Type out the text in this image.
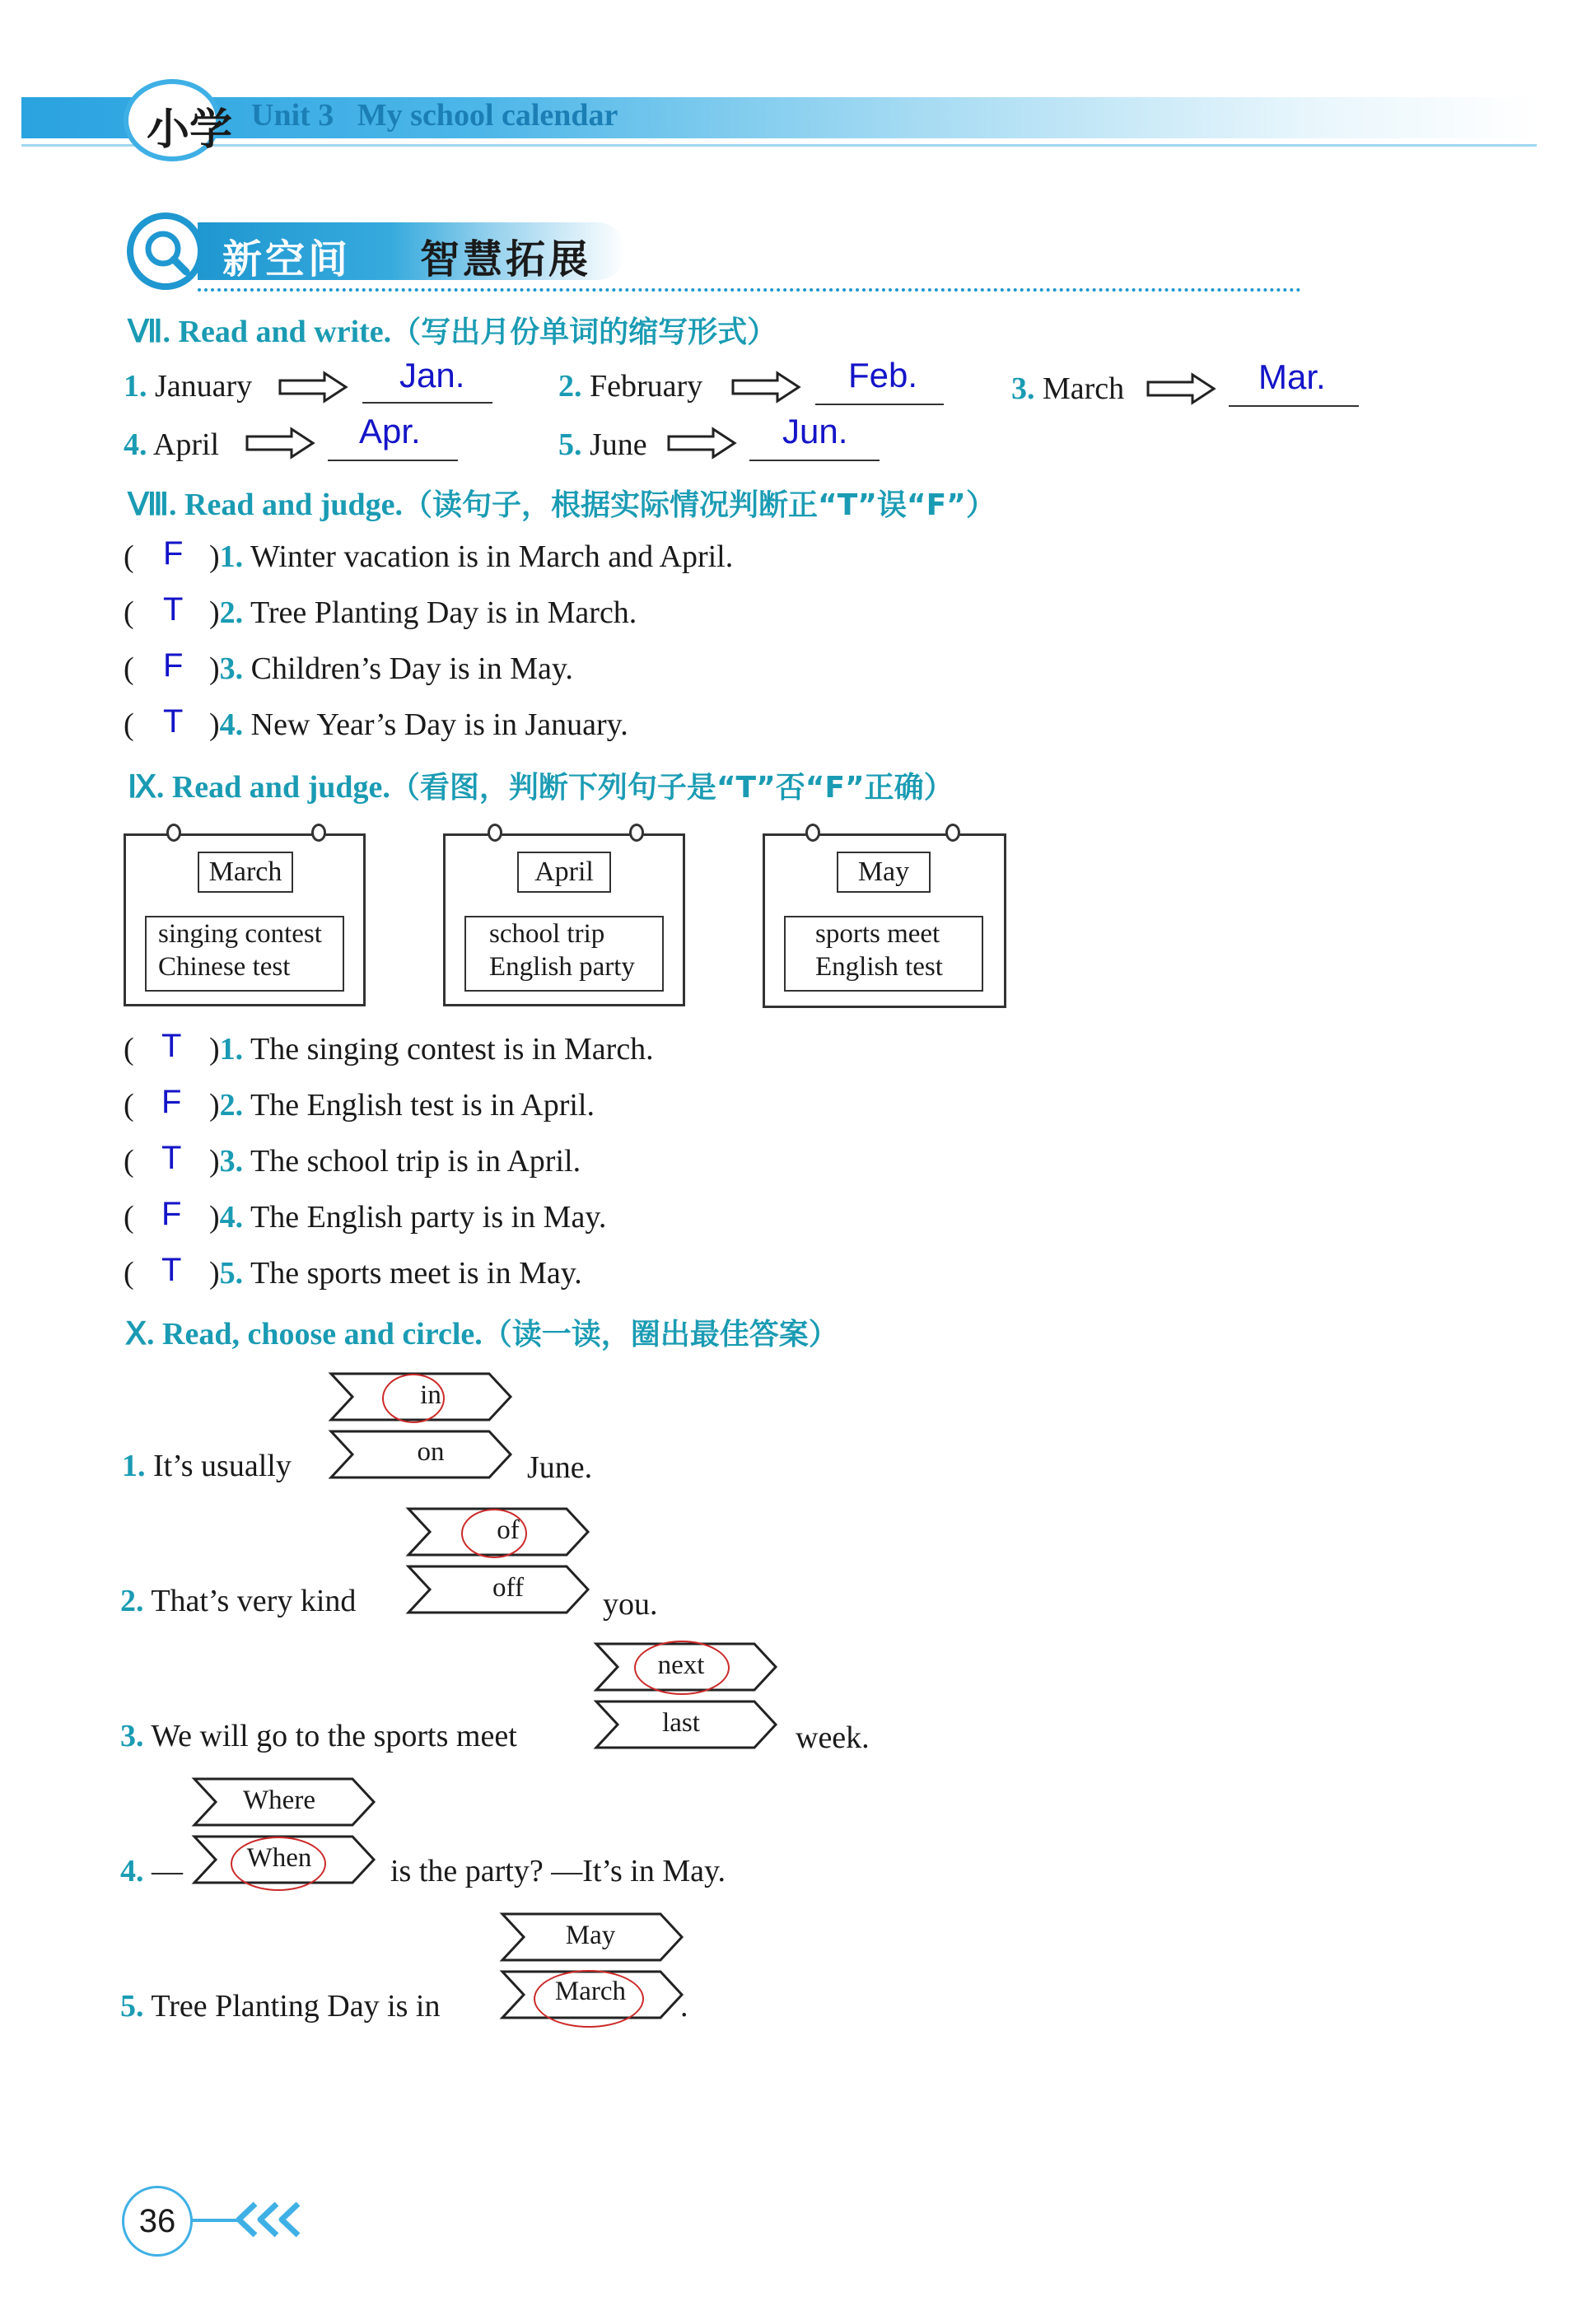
小学 Unit 3   My school calendar
新空间 智慧拓展
Ⅶ. Read and write.（写出月份单词的缩写形式）
1. January	Jan.	2. February	Feb.	3. March	Mar.
4. April	Apr.	5. June	Jun.
Ⅷ. Read and judge.（读句子，根据实际情况判断正“T”误“F”）
( F )1. Winter vacation is in March and April.
( T )2. Tree Planting Day is in March.
( F )3. Children’s Day is in May.
( T )4. New Year’s Day is in January.
Ⅸ. Read and judge.（看图，判断下列句子是“T”否“F”正确）
March
singing contest
Chinese test
April
school trip
English party
May
sports meet
English test
( T )1. The singing contest is in March.
( F )2. The English test is in April.
( T )3. The school trip is in April.
( F )4. The English party is in May.
( T )5. The sports meet is in May.
Ⅹ. Read, choose and circle.（读一读，圈出最佳答案）
in
on
1. It’s usually	June.
of
off
2. That’s very kind	you.
next
last
3. We will go to the sports meet	week.
Where
When
4. —	is the party? —It’s in May.
May
March
5. Tree Planting Day is in	.
36
